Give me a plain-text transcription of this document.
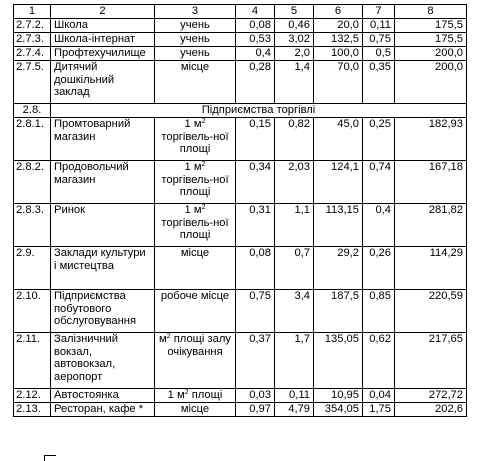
1	2	3	4	5	6	7	8
2.7.2.	Школа	учень	0,08	0,46	20,0	0,11	175,5
2.7.3.	Школа-інтернат	учень	0,53	3,02	132,5	0,75	175,5
2.7.4.	Профтехучилище	учень	0,4	2,0	100,0	0,5	200,0
2.7.5.	Дитячий дошкільний заклад	місце	0,28	1,4	70,0	0,35	200,0
2.8.	Підприємства торгівлі						
2.8.1.	Промтоварний магазин	1 $м^2$ торгівель-ної площі	0,15	0,82	45,0	0,25	182,93
2.8.2.	Продовольчий магазин	1 $м^2$ торгівель-ної площі	0,34	2,03	124,1	0,74	167,18
2.8.3.	Ринок	1 $м^2$ торгівель-ної площі	0,31	1,1	113,15	0,4	281,82
2.9.	Заклади культури і мистецтва	місце	0,08	0,7	29,2	0,26	114,29
2.10.	Підприємства побутового обслуговування	робоче місце	0,75	3,4	187,5	0,85	220,59
2.11.	Залізничний вокзал, автовокзал, аеропорт	$м^2$ площі залу очікування	0,37	1,7	135,05	0,62	217,65
2.12.	Автостоянка	1 $м^2$ площі	0,03	0,11	10,95	0,04	272,72
2.13.	Ресторан, кафе *	місце	0,97	4,79	354,05	1,75	202,6
